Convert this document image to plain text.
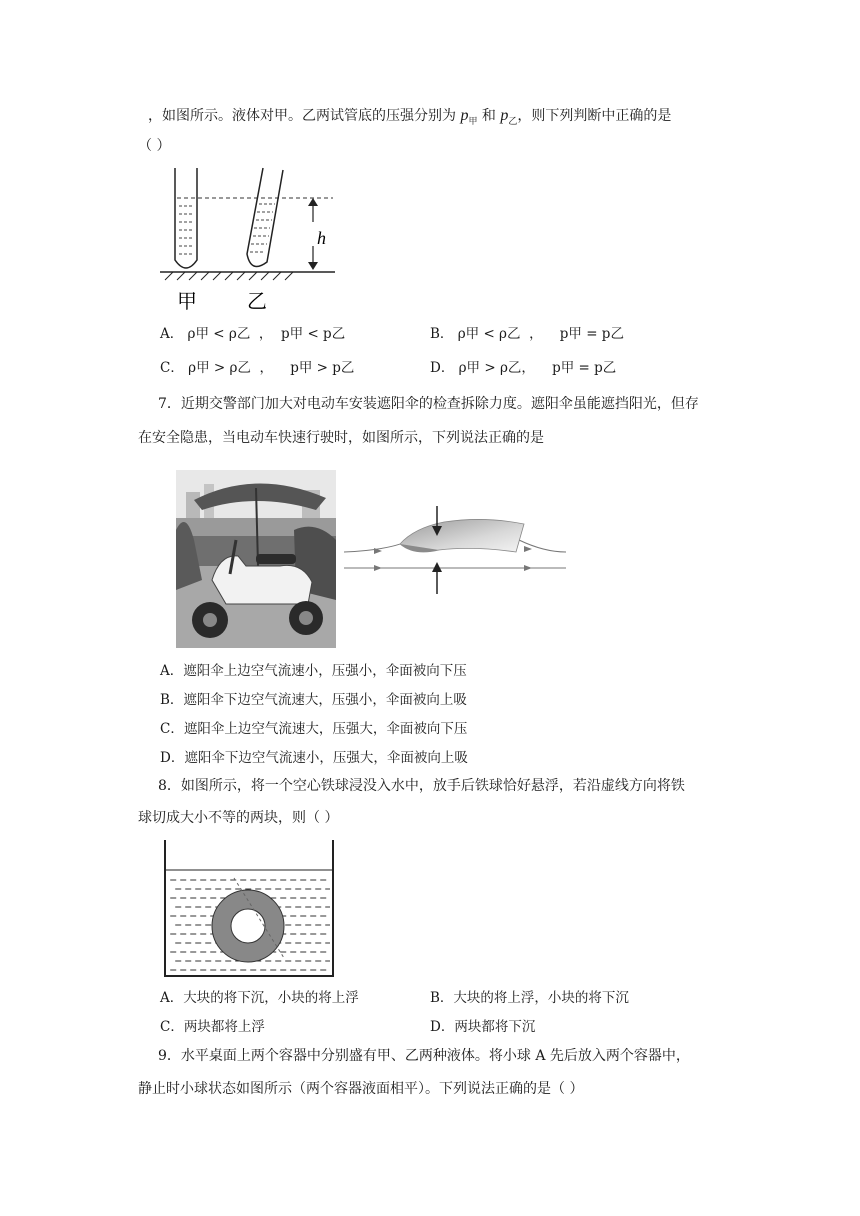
，如图所示。液体对甲。乙两试管底的压强分别为 $p_甲$ 和 $p_乙$，则下列判断中正确的是
（ ）
h
甲	乙
A． ρ甲 < ρ乙 ， p甲 < p乙	B． ρ甲 < ρ乙 ， p甲 = p乙
C． ρ甲 > ρ乙 ， p甲 > p乙	D． ρ甲 > ρ乙， p甲 = p乙
7．近期交警部门加大对电动车安装遮阳伞的检查拆除力度。遮阳伞虽能遮挡阳光，但存
在安全隐患，当电动车快速行驶时，如图所示，下列说法正确的是
A．遮阳伞上边空气流速小，压强小，伞面被向下压
B．遮阳伞下边空气流速大，压强小，伞面被向上吸
C．遮阳伞上边空气流速大，压强大，伞面被向下压
D．遮阳伞下边空气流速小，压强大，伞面被向上吸
8．如图所示，将一个空心铁球浸没入水中，放手后铁球恰好悬浮，若沿虚线方向将铁
球切成大小不等的两块，则（ ）
A．大块的将下沉，小块的将上浮	B．大块的将上浮，小块的将下沉
C．两块都将上浮	D．两块都将下沉
9．水平桌面上两个容器中分别盛有甲、乙两种液体。将小球 A 先后放入两个容器中，
静止时小球状态如图所示（两个容器液面相平）。下列说法正确的是（ ）
